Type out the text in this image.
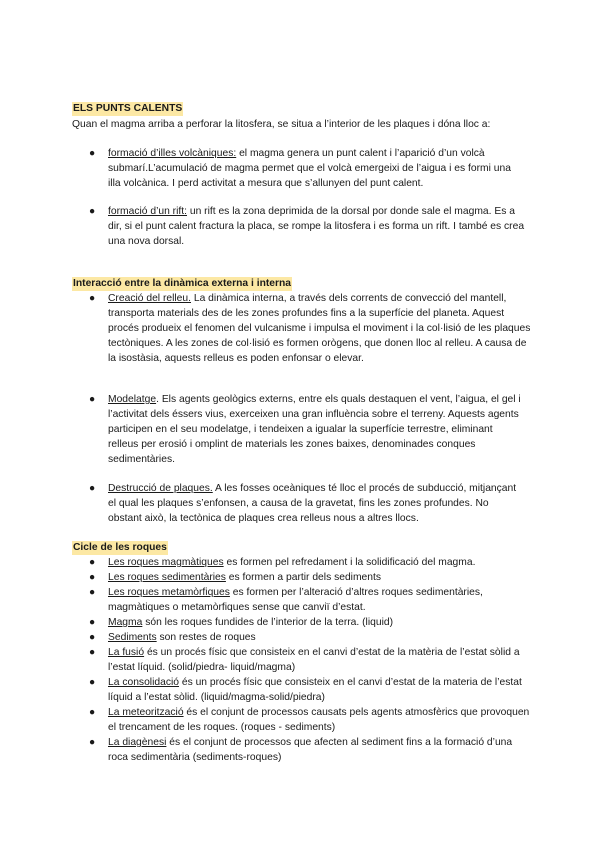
ELS PUNTS CALENTS
Quan el magma arriba a perforar la litosfera, se situa a l’interior de les plaques i dóna lloc a:
●	formació d’illes volcàniques: el magma genera un punt calent i l’aparició d’un volcà submarí.L’acumulació de magma permet que el volcà emergeixi de l’aigua i es formi una illa volcànica. I perd activitat a mesura que s’allunyen del punt calent.
●	formació d’un rift: un rift es la zona deprimida de la dorsal por donde sale el magma. Es a dir, si el punt calent fractura la placa, se rompe la litosfera i es forma un rift. I també es crea una nova dorsal.
Interacció entre la dinàmica externa i interna
●	Creació del relleu. La dinàmica interna, a través dels corrents de convecció del mantell, transporta materials des de les zones profundes fins a la superfície del planeta. Aquest procés produeix el fenomen del vulcanisme i impulsa el moviment i la col·lisió de les plaques tectòniques. A les zones de col·lisió es formen orògens, que donen lloc al relleu. A causa de la isostàsia, aquests relleus es poden enfonsar o elevar.
●	Modelatge. Els agents geològics externs, entre els quals destaquen el vent, l’aigua, el gel i l’activitat dels éssers vius, exerceixen una gran influència sobre el terreny. Aquests agents participen en el seu modelatge, i tendeixen a igualar la superfície terrestre, eliminant relleus per erosió i omplint de materials les zones baixes, denominades conques sedimentàries.
●	Destrucció de plaques. A les fosses oceàniques té lloc el procés de subducció, mitjançant el qual les plaques s’enfonsen, a causa de la gravetat, fins les zones profundes. No obstant això, la tectònica de plaques crea relleus nous a altres llocs.
Cicle de les roques
●	Les roques magmàtiques es formen pel refredament i la solidificació del magma.
●	Les roques sedimentàries es formen a partir dels sediments
●	Les roques metamòrfiques es formen per l’alteració d’altres roques sedimentàries, magmàtiques o metamòrfiques sense que canviï d’estat.
●	Magma són les roques fundides de l’interior de la terra. (liquid)
●	Sediments son restes de roques
●	La fusió és un procés físic que consisteix en el canvi d’estat de la matèria de l’estat sòlid a l’estat líquid. (solid/piedra- liquid/magma)
●	La consolidació és un procés físic que consisteix en el canvi d’estat de la materia de l’estat líquid a l’estat sòlid. (liquid/magma-solid/piedra)
●	La meteorització és el conjunt de processos causats pels agents atmosfèrics que provoquen el trencament de les roques. (roques - sediments)
●	La diagènesi és el conjunt de processos que afecten al sediment fins a la formació d’una roca sedimentària (sediments-roques)
